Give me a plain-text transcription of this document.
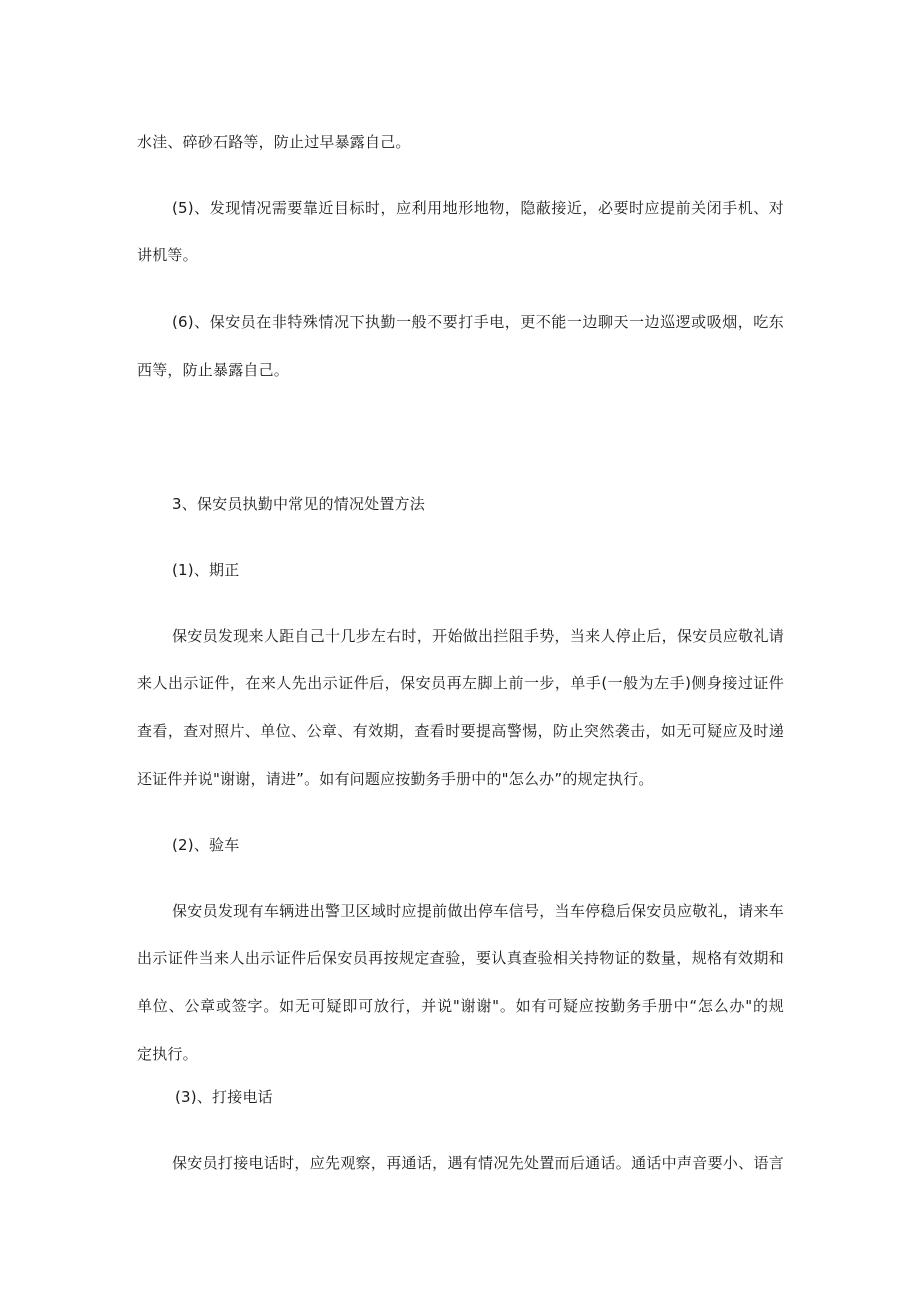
水洼、碎砂石路等，防止过早暴露自己。
(5)、发现情况需要靠近目标时，应利用地形地物，隐蔽接近，必要时应提前关闭手机、对
讲机等。
(6)、保安员在非特殊情况下执勤一般不要打手电，更不能一边聊天一边巡逻或吸烟，吃东
西等，防止暴露自己。
3、保安员执勤中常见的情况处置方法
(1)、期正
保安员发现来人距自己十几步左右时，开始做出拦阻手势，当来人停止后，保安员应敬礼请
来人出示证件，在来人先出示证件后，保安员再左脚上前一步，单手(一般为左手)侧身接过证件
查看，查对照片、单位、公章、有效期，查看时要提高警惕，防止突然袭击，如无可疑应及时递
还证件并说"谢谢，请进”。如有问题应按勤务手册中的"怎么办”的规定执行。
(2)、验车
保安员发现有车辆进出警卫区域时应提前做出停车信号，当车停稳后保安员应敬礼，请来车
出示证件当来人出示证件后保安员再按规定查验，要认真查验相关持物证的数量，规格有效期和
单位、公章或签字。如无可疑即可放行，并说"谢谢"。如有可疑应按勤务手册中“怎么办"的规
定执行。
(3)、打接电话
保安员打接电话时，应先观察，再通话，遇有情况先处置而后通话。通话中声音要小、语言
